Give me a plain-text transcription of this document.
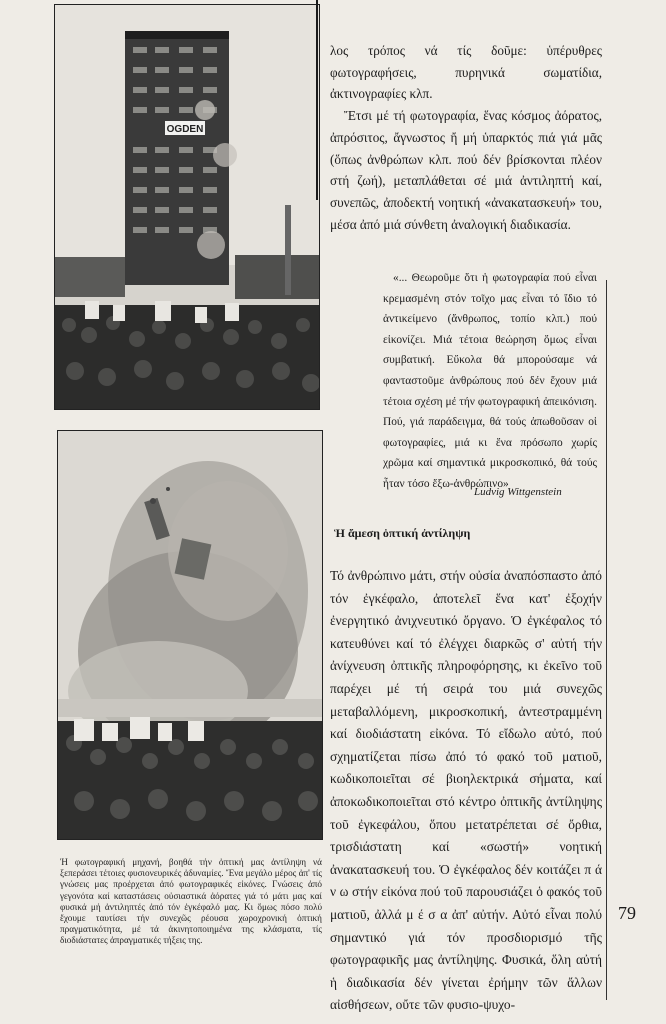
OGDEN

λος τρόπος νά τίς δοῦμε: ὑπέρυθρες φωτογραφήσεις, πυρηνικά σωματίδια, ἀκτινογραφίες κλπ.

Ἔτσι μέ τή φωτογραφία, ἕνας κόσμος ἀόρατος, ἀπρόσιτος, ἄγνωστος ἤ μή ὑπαρκτός πιά γιά μᾶς (ὅπως ἀνθρώπων κλπ. πού δέν βρίσκονται πλέον στή ζωή), μεταπλάθεται σέ μιά ἀντιληπτή καί, συνεπῶς, ἀποδεκτή νοητική «ἀνακατασκευή» του, μέσα ἀπό μιά σύνθετη ἀναλογική διαδικασία.

«... Θεωροῦμε ὅτι ἡ φωτογραφία πού εἶναι κρεμασμένη στόν τοῖχο μας εἶναι τό ἴδιο τό ἀντικείμενο (ἄνθρωπος, τοπίο κλπ.) πού εἰκονίζει. Μιά τέτοια θεώρηση ὅμως εἶναι συμβατική. Εὔκολα θά μπορούσαμε νά φανταστοῦμε ἀνθρώπους πού δέν ἔχουν μιά τέτοια σχέση μέ τήν φωτογραφική ἀπεικόνιση. Πού, γιά παράδειγμα, θά τούς ἀπωθοῦσαν οἱ φωτογραφίες, μιά κι ἕνα πρόσωπο χωρίς χρῶμα καί σημαντικά μικροσκοπικό, θά τούς ἦταν τόσο ἔξω-ἀνθρώπινο»

Ludvig Wittgenstein
Ἡ ἄμεση ὀπτική ἀντίληψη

Τό ἀνθρώπινο μάτι, στήν οὐσία ἀναπόσπαστο ἀπό τόν ἐγκέφαλο, ἀποτελεῖ ἕνα κατ' ἐξοχήν ἐνεργητικό ἀνιχνευτικό ὄργανο. Ὁ ἐγκέφαλος τό κατευθύνει καί τό ἐλέγχει διαρκῶς σ' αὐτή τήν ἀνίχνευση ὀπτικῆς πληροφόρησης, κι ἐκεῖνο τοῦ παρέχει μέ τή σειρά του μιά συνεχῶς μεταβαλλόμενη, μικροσκοπική, ἀντεστραμμένη καί διοδιάστατη εἰκόνα. Τό εἴδωλο αὐτό, πού σχηματίζεται πίσω ἀπό τό φακό τοῦ ματιοῦ, κωδικοποιεῖται σέ βιοηλεκτρικά σήματα, καί ἀποκωδικοποιεῖται στό κέντρο ὀπτικῆς ἀντίληψης τοῦ ἐγκεφάλου, ὅπου μετατρέπεται σέ ὄρθια, τρισδιάστατη καί «σωστή» νοητική ἀνακατασκευή του. Ὁ ἐγκέφαλος δέν κοιτάζει π ά ν ω στήν εἰκόνα πού τοῦ παρουσιάζει ὁ φακός τοῦ ματιοῦ, ἀλλά μ έ σ α ἀπ' αὐτήν. Αὐτό εἶναι πολύ σημαντικό γιά τόν προσδιορισμό τῆς φωτογραφικῆς μας ἀντίληψης. Φυσικά, ὅλη αὐτή ἡ διαδικασία δέν γίνεται ἐρήμην τῶν ἄλλων αἰσθήσεων, οὔτε τῶν φυσιο-ψυχο-

Ἡ φωτογραφική μηχανή, βοηθά τήν ὀπτική μας ἀντίληψη νά ξεπεράσει τέτοιες φυσιονευρικές ἀδυναμίες. Ἕνα μεγάλο μέρος ἀπ' τίς γνώσεις μας προέρχεται ἀπό φωτογραφικές εἰκόνες. Γνώσεις ἀπό γεγονότα καί καταστάσεις οὐσιαστικά ἀόρατες γιά τό μάτι μας καί φυσικά μή ἀντιληπτές ἀπό τόν ἐγκέφαλό μας. Κι ὅμως πόσο πολύ ἔχουμε ταυτίσει τήν συνεχῶς ρέουσα χωροχρονική ὀπτική πραγματικότητα, μέ τά ἀκινητοποιημένα της κλάσματα, τίς διοδιάστατες ἀπραγματικές τήξεις της.
79
